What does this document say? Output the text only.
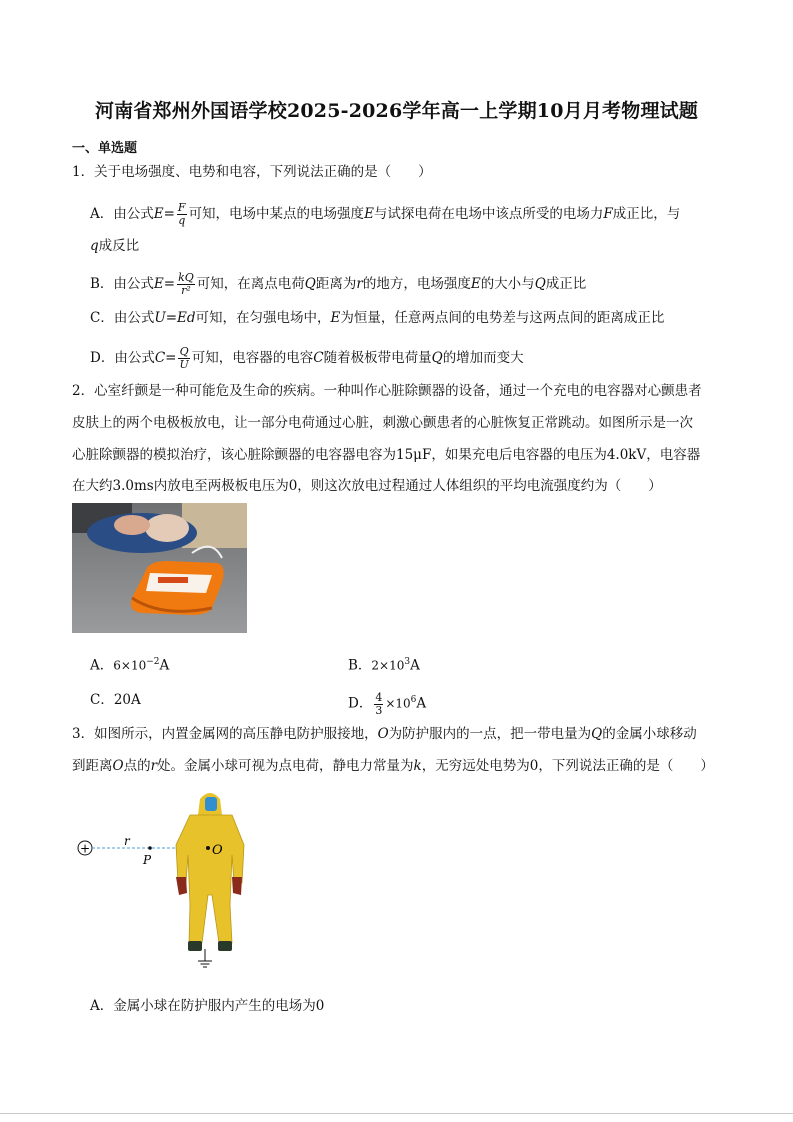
河南省郑州外国语学校2025-2026学年高一上学期10月月考物理试题
一、单选题
1．关于电场强度、电势和电容，下列说法正确的是（　　）
A．由公式$E= \frac{F}{q}$ 可知，电场中某点的电场强度E与试探电荷在电场中该点所受的电场力F成正比，与
q成反比
B．由公式$E= \frac{kQ}{\text{r²}}$ 可知，在离点电荷Q距离为r的地方，电场强度E的大小与Q成正比
C．由公式U=Ed可知，在匀强电场中，E为恒量，任意两点间的电势差与这两点间的距离成正比
D．由公式$C= \frac{Q}{U}$ 可知，电容器的电容C随着极板带电荷量Q的增加而变大
2．心室纤颤是一种可能危及生命的疾病。一种叫作心脏除颤器的设备，通过一个充电的电容器对心颤患者
皮肤上的两个电极板放电，让一部分电荷通过心脏，刺激心颤患者的心脏恢复正常跳动。如图所示是一次
心脏除颤器的模拟治疗，该心脏除颤器的电容器电容为15μF，如果充电后电容器的电压为4.0kV，电容器
在大约3.0ms内放电至两极板电压为0，则这次放电过程通过人体组织的平均电流强度约为（　　）
A．$6\times 10^{-2}A$	B．$2\times 10^3A$
C．20A	D． $\frac{4}{3} \times 10^6A$
3．如图所示，内置金属网的高压静电防护服接地，O为防护服内的一点，把一带电量为Q的金属小球移动
到距离O点的r处。金属小球可视为点电荷，静电力常量为k，无穷远处电势为0，下列说法正确的是（　　）
+
r
P
O
A．金属小球在防护服内产生的电场为0
